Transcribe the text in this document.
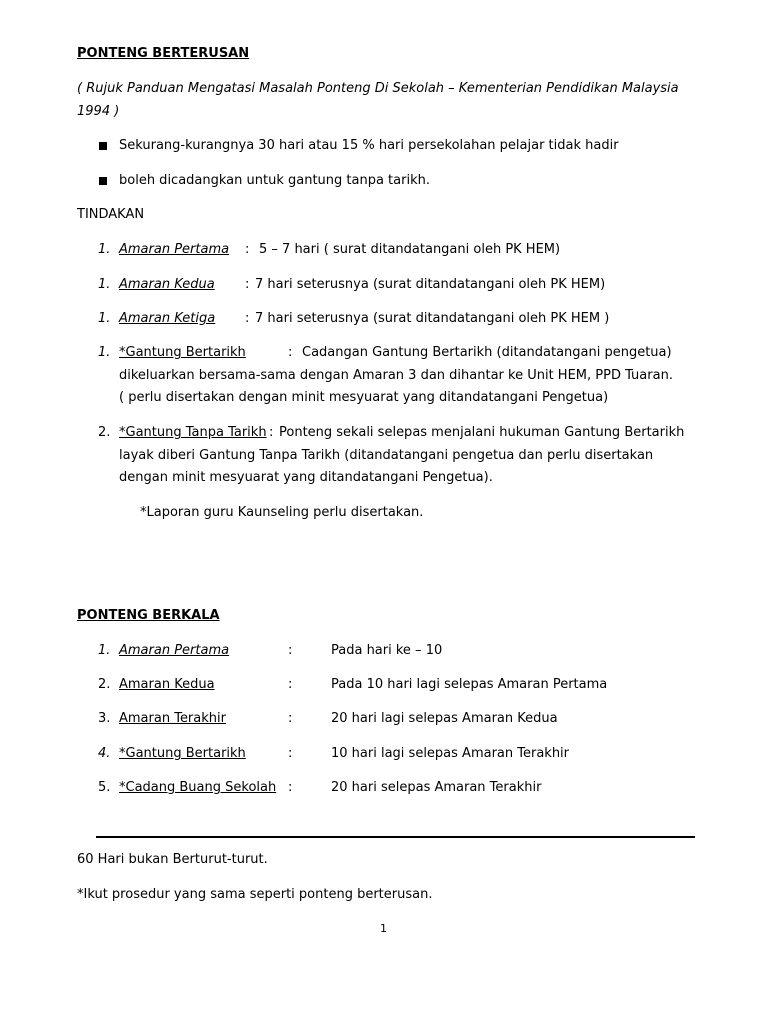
PONTENG BERTERUSAN
( Rujuk Panduan Mengatasi Masalah Ponteng Di Sekolah – Kementerian Pendidikan Malaysia
1994 )
Sekurang-kurangnya 30 hari atau 15 % hari persekolahan pelajar tidak hadir
boleh dicadangkan untuk gantung tanpa tarikh.
TINDAKAN
1. Amaran Pertama : 5 – 7 hari ( surat ditandatangani oleh PK HEM)
1. Amaran Kedua : 7 hari seterusnya (surat ditandatangani oleh PK HEM)
1. Amaran Ketiga : 7 hari seterusnya (surat ditandatangani oleh PK HEM )
1. *Gantung Bertarikh	: Cadangan Gantung Bertarikh (ditandatangani pengetua)
dikeluarkan bersama-sama dengan Amaran 3 dan dihantar ke Unit HEM, PPD Tuaran.
( perlu disertakan dengan minit mesyuarat yang ditandatangani Pengetua)
2. *Gantung Tanpa Tarikh : Ponteng sekali selepas menjalani hukuman Gantung Bertarikh
layak diberi Gantung Tanpa Tarikh (ditandatangani pengetua dan perlu disertakan
dengan minit mesyuarat yang ditandatangani Pengetua).
*Laporan guru Kaunseling perlu disertakan.
PONTENG BERKALA
1. Amaran Pertama	:	Pada hari ke – 10
2. Amaran Kedua	:	Pada 10 hari lagi selepas Amaran Pertama
3. Amaran Terakhir	:	20 hari lagi selepas Amaran Kedua
4. *Gantung Bertarikh	:	10 hari lagi selepas Amaran Terakhir
5. *Cadang Buang Sekolah :	20 hari selepas Amaran Terakhir
60 Hari bukan Berturut-turut.
*Ikut prosedur yang sama seperti ponteng berterusan.
1
